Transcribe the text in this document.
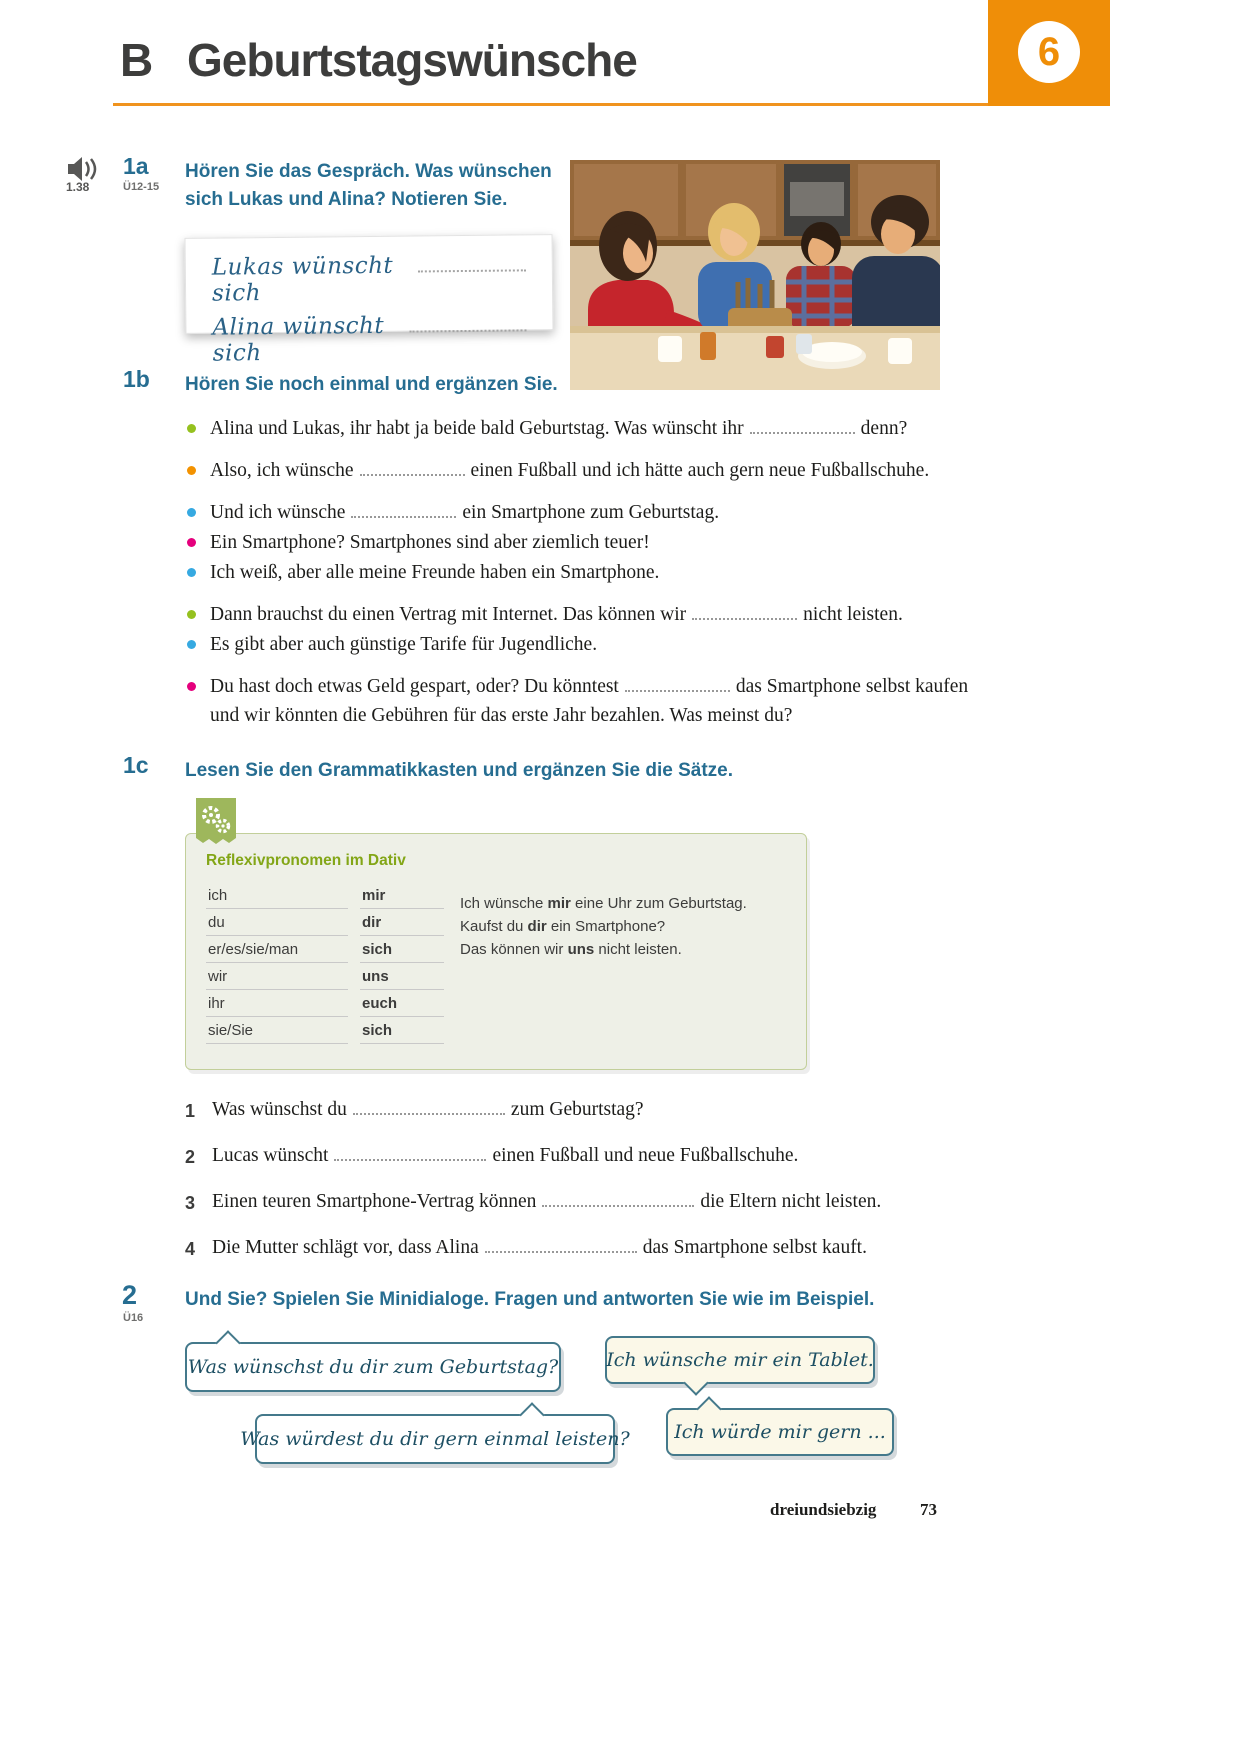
B Geburtstagswünsche	6
1.38
1a
Ü12-15
Hören Sie das Gespräch. Was wünschen
sich Lukas und Alina? Notieren Sie.
Lukas wünscht sich
Alina wünscht sich
1b Hören Sie noch einmal und ergänzen Sie.
Alina und Lukas, ihr habt ja beide bald Geburtstag. Was wünscht ihr	denn?
Also, ich wünsche	einen Fußball und ich hätte auch gern neue Fußballschuhe.
Und ich wünsche	ein Smartphone zum Geburtstag.
Ein Smartphone? Smartphones sind aber ziemlich teuer!
Ich weiß, aber alle meine Freunde haben ein Smartphone.
Dann brauchst du einen Vertrag mit Internet. Das können wir	nicht leisten.
Es gibt aber auch günstige Tarife für Jugendliche.
Du hast doch etwas Geld gespart, oder? Du könntest	das Smartphone selbst kaufen und wir könnten die Gebühren für das erste Jahr bezahlen. Was meinst du?
1c Lesen Sie den Grammatikkasten und ergänzen Sie die Sätze.
Reflexivpronomen im Dativ
ich	mir
du	dir
er/es/sie/man	sich
wir	uns
ihr	euch
sie/Sie	sich
Ich wünsche mir eine Uhr zum Geburtstag.
Kaufst du dir ein Smartphone?
Das können wir uns nicht leisten.
1 Was wünschst du	zum Geburtstag?
2 Lucas wünscht	einen Fußball und neue Fußballschuhe.
3 Einen teuren Smartphone-Vertrag können	die Eltern nicht leisten.
4 Die Mutter schlägt vor, dass Alina	das Smartphone selbst kauft.
2
Ü16
Und Sie? Spielen Sie Minidialoge. Fragen und antworten Sie wie im Beispiel.
Was wünschst du dir zum Geburtstag?	Ich wünsche mir ein Tablet.
Was würdest du dir gern einmal leisten? Ich würde mir gern ...
dreiundsiebzig	73
